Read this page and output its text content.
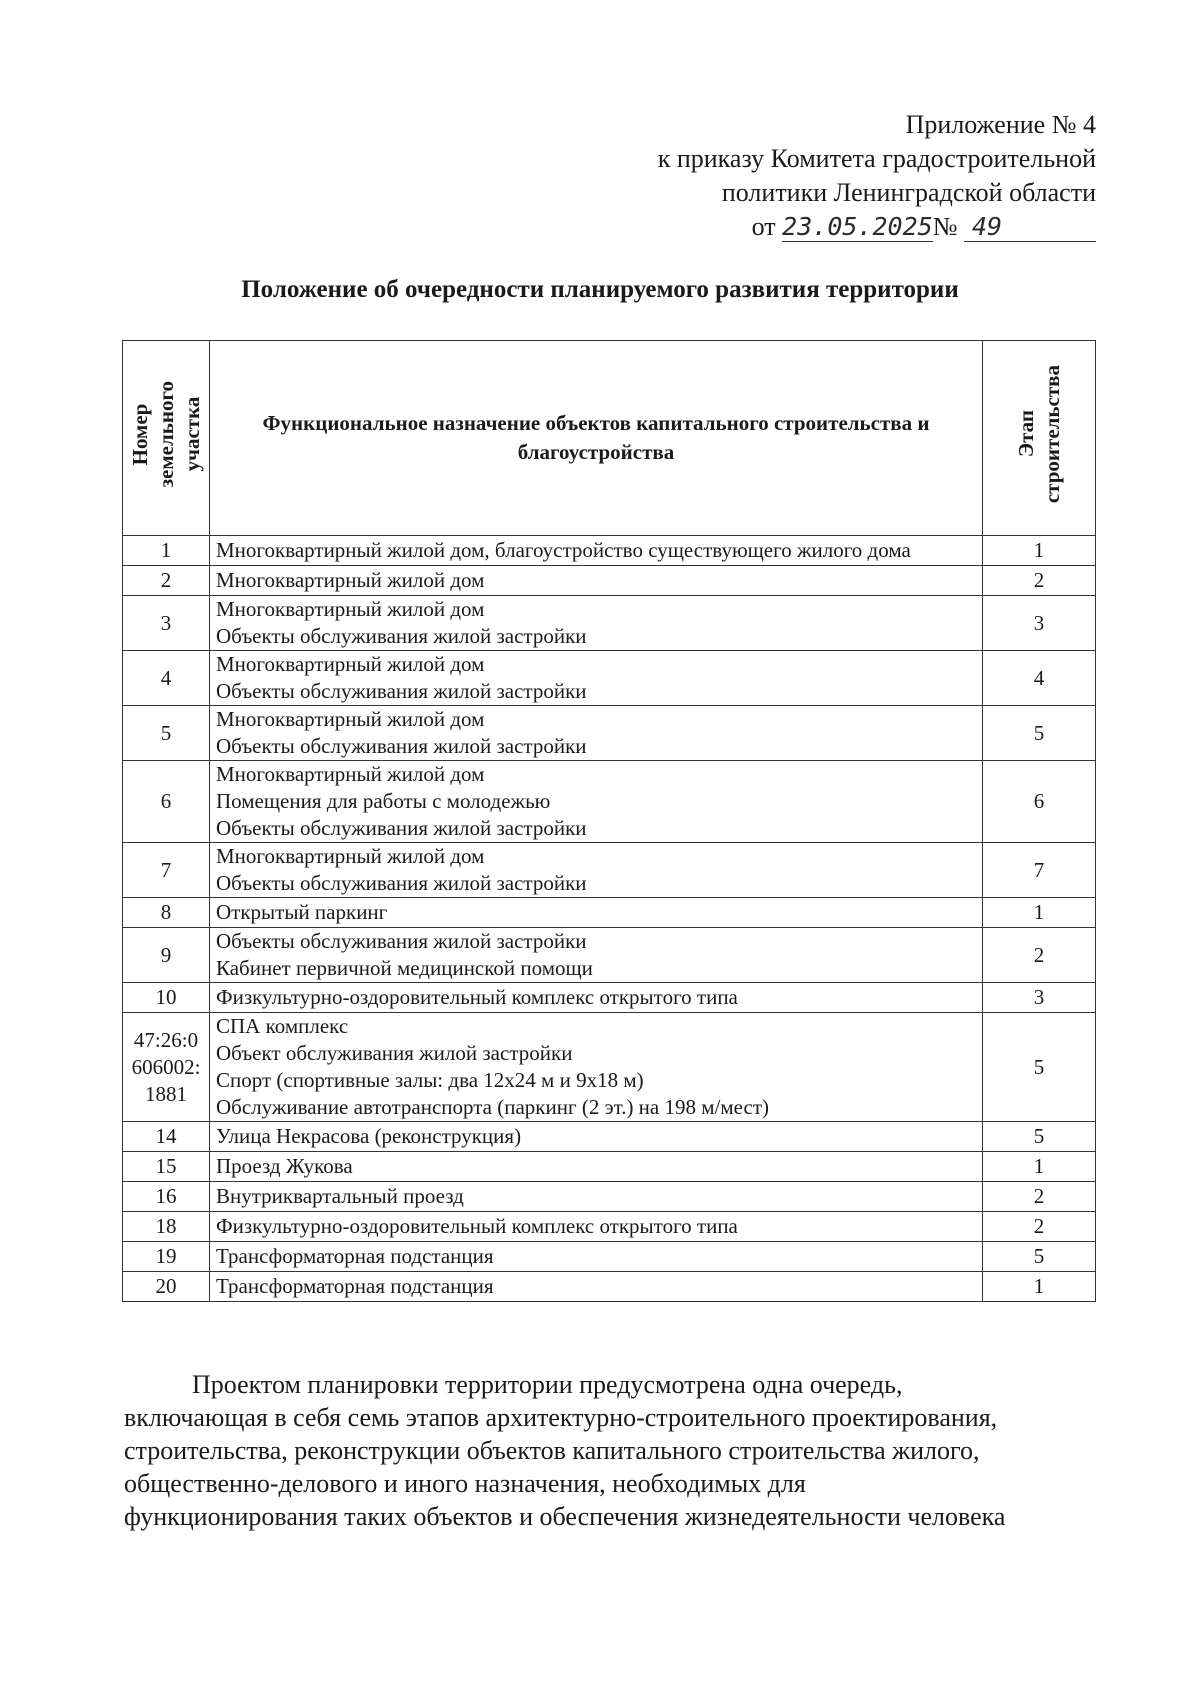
Приложение № 4
к приказу Комитета градостроительной
политики Ленинградской области
от 23.05.2025№ 49
Положение об очередности планируемого развития территории
Номер
земельного
участка	Функциональное назначение объектов капитального строительства и благоустройства	Этап
строительства
1	Многоквартирный жилой дом, благоустройство существующего жилого дома	1
2	Многоквартирный жилой дом	2
3	Многоквартирный жилой дом
Объекты обслуживания жилой застройки	3
4	Многоквартирный жилой дом
Объекты обслуживания жилой застройки	4
5	Многоквартирный жилой дом
Объекты обслуживания жилой застройки	5
6	Многоквартирный жилой дом
Помещения для работы с молодежью
Объекты обслуживания жилой застройки	6
7	Многоквартирный жилой дом
Объекты обслуживания жилой застройки	7
8	Открытый паркинг	1
9	Объекты обслуживания жилой застройки
Кабинет первичной медицинской помощи	2
10	Физкультурно-оздоровительный комплекс открытого типа	3
47:26:0
606002:
1881	СПА комплекс
Объект обслуживания жилой застройки
Спорт (спортивные залы: два 12х24 м и 9х18 м)
Обслуживание автотранспорта (паркинг (2 эт.) на 198 м/мест)	5
14	Улица Некрасова (реконструкция)	5
15	Проезд Жукова	1
16	Внутриквартальный проезд	2
18	Физкультурно-оздоровительный комплекс открытого типа	2
19	Трансформаторная подстанция	5
20	Трансформаторная подстанция	1
Проектом планировки территории предусмотрена одна очередь,
включающая в себя семь этапов архитектурно-строительного проектирования,
строительства, реконструкции объектов капитального строительства жилого,
общественно-делового и иного назначения, необходимых для
функционирования таких объектов и обеспечения жизнедеятельности человека
